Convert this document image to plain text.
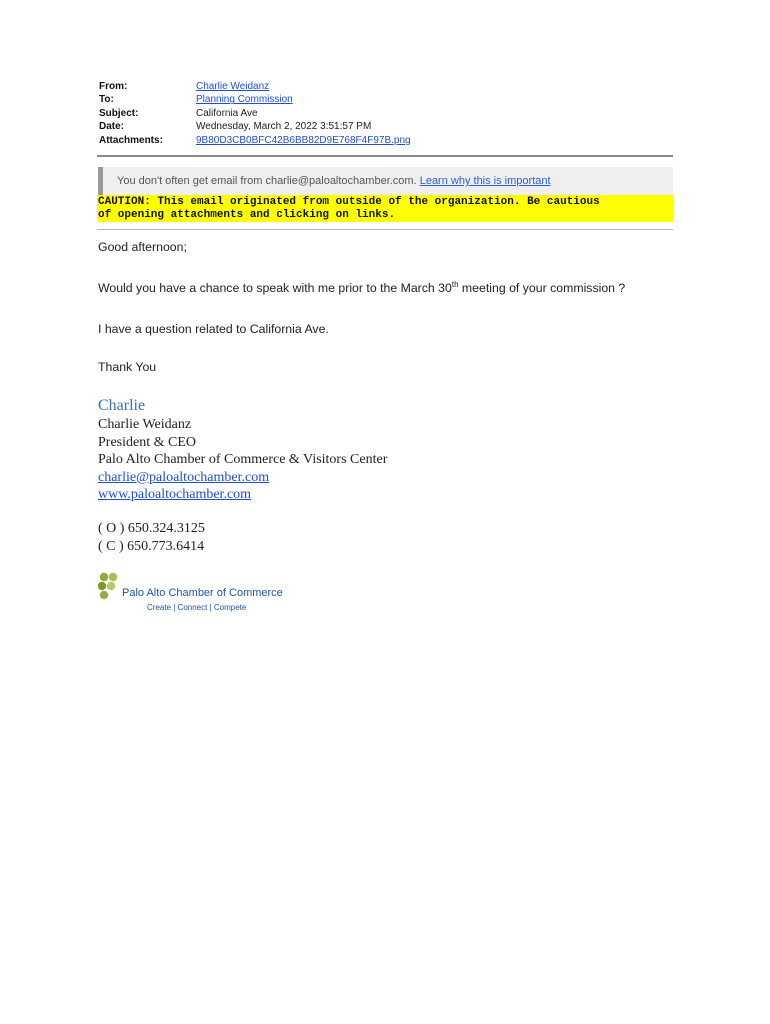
From:	Charlie Weidanz
To:	Planning Commission
Subject:	California Ave
Date:	Wednesday, March 2, 2022 3:51:57 PM
Attachments:	9B80D3CB0BFC42B6BB82D9E768F4F97B.png
You don't often get email from charlie@paloaltochamber.com. Learn why this is important
CAUTION: This email originated from outside of the organization. Be cautious
of opening attachments and clicking on links.
Good afternoon;
Would you have a chance to speak with me prior to the March 30th meeting of your commission ?
I have a question related to California Ave.
Thank You
Charlie
Charlie Weidanz
President & CEO
Palo Alto Chamber of Commerce & Visitors Center
charlie@paloaltochamber.com
www.paloaltochamber.com
( O ) 650.324.3125
( C ) 650.773.6414
Palo Alto Chamber of Commerce
Create | Connect | Compete
